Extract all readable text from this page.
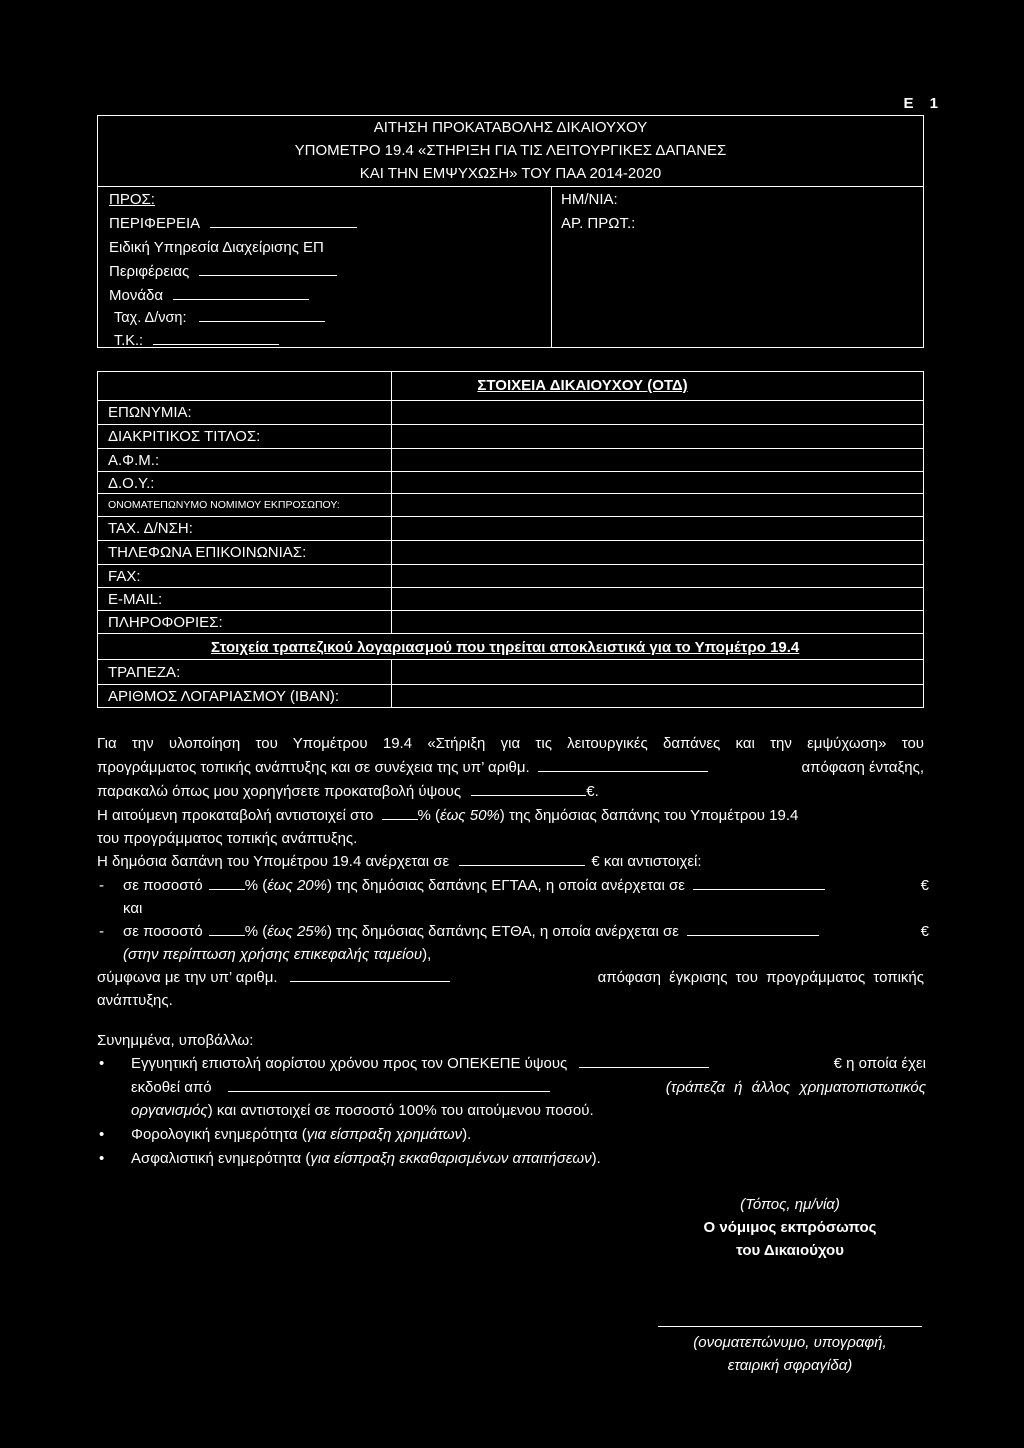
Ε 1
ΑΙΤΗΣΗ ΠΡΟΚΑΤΑΒΟΛΗΣ ΔΙΚΑΙΟΥΧΟΥ
ΥΠΟΜΕΤΡΟ 19.4 «ΣΤΗΡΙΞΗ ΓΙΑ ΤΙΣ ΛΕΙΤΟΥΡΓΙΚΕΣ ΔΑΠΑΝΕΣ
ΚΑΙ ΤΗΝ ΕΜΨΥΧΩΣΗ» ΤΟΥ ΠΑΑ 2014-2020
ΠΡΟΣ:
ΠΕΡΙΦΕΡΕΙΑ
Ειδική Υπηρεσία Διαχείρισης ΕΠ
Περιφέρειας
Μονάδα
Ταχ. Δ/νση:
Τ.Κ.:
ΗΜ/ΝΙΑ:
ΑΡ. ΠΡΩΤ.:
ΣΤΟΙΧΕΙΑ ΔΙΚΑΙΟΥΧΟΥ (ΟΤΔ)
ΕΠΩΝΥΜΙΑ:
ΔΙΑΚΡΙΤΙΚΟΣ ΤΙΤΛΟΣ:
Α.Φ.Μ.:
Δ.Ο.Υ.:
ΟΝΟΜΑΤΕΠΩΝΥΜΟ ΝΟΜΙΜΟΥ ΕΚΠΡΟΣΩΠΟΥ:
ΤΑΧ. Δ/ΝΣΗ:
ΤΗΛΕΦΩΝΑ ΕΠΙΚΟΙΝΩΝΙΑΣ:
FAX:
E-MAIL:
ΠΛΗΡΟΦΟΡΙΕΣ:
Στοιχεία τραπεζικού λογαριασμού που τηρείται αποκλειστικά για το Υπομέτρο 19.4
ΤΡΑΠΕΖΑ:
ΑΡΙΘΜΟΣ ΛΟΓΑΡΙΑΣΜΟΥ (IBAN):
Για την υλοποίηση του Υπομέτρου 19.4 «Στήριξη για τις λειτουργικές δαπάνες και την εμψύχωση» του
προγράμματος τοπικής ανάπτυξης και σε συνέχεια της υπ’ αριθμ.	απόφαση ένταξης,
παρακαλώ όπως μου χορηγήσετε προκαταβολή ύψους	€.
Η αιτούμενη προκαταβολή αντιστοιχεί στο	% (έως 50%) της δημόσιας δαπάνης του Υπομέτρου 19.4
του προγράμματος τοπικής ανάπτυξης.
Η δημόσια δαπάνη του Υπομέτρου 19.4 ανέρχεται σε	€ και αντιστοιχεί:
- σε ποσοστό	% ( έως 20% ) της δημόσιας δαπάνης ΕΓΤΑΑ, η οποία ανέρχεται σε	€
και
- σε ποσοστό	% ( έως 25% ) της δημόσιας δαπάνης ΕΤΘΑ, η οποία ανέρχεται σε	€
(στην περίπτωση χρήσης επικεφαλής ταμείου),
σύμφωνα με την υπ’ αριθμ.	απόφαση έγκρισης του προγράμματος τοπικής
ανάπτυξης.
Συνημμένα, υποβάλλω:
• Εγγυητική επιστολή αορίστου χρόνου προς τον ΟΠΕΚΕΠΕ ύψους	€ η οποία έχει
εκδοθεί από	(τράπεζα ή άλλος χρηματοπιστωτικός
οργανισμός) και αντιστοιχεί σε ποσοστό 100% του αιτούμενου ποσού.
• Φορολογική ενημερότητα (για είσπραξη χρημάτων).
• Ασφαλιστική ενημερότητα (για είσπραξη εκκαθαρισμένων απαιτήσεων).
(Τόπος, ημ/νία)
Ο νόμιμος εκπρόσωπος
του Δικαιούχου
(ονοματεπώνυμο, υπογραφή,
εταιρική σφραγίδα)
